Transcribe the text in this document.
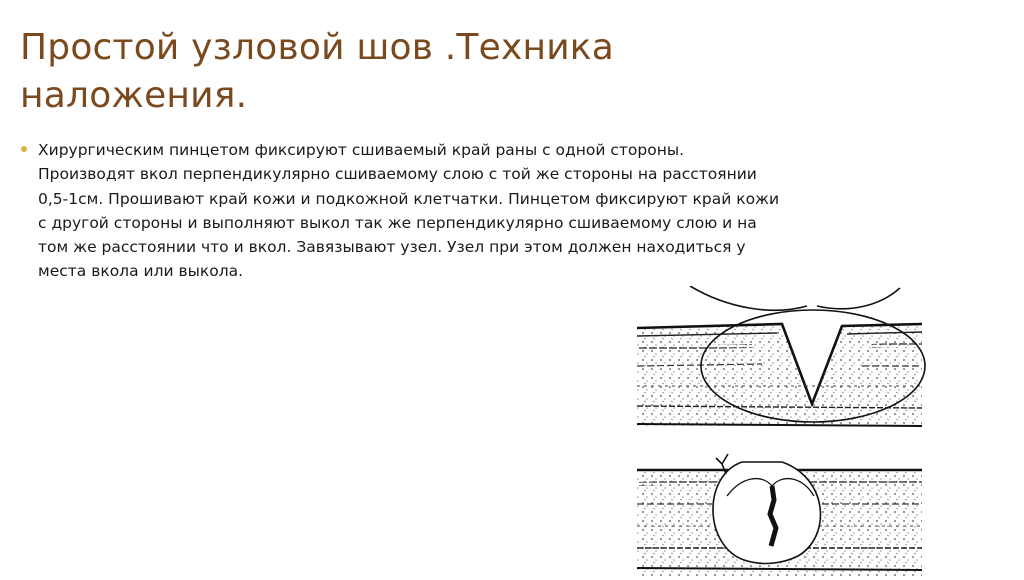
Простой узловой шов .Техника наложения.
Хирургическим пинцетом фиксируют сшиваемый край раны с одной стороны. Производят вкол перпендикулярно сшиваемому слою с той же стороны на расстоянии 0,5-1см. Прошивают край кожи и подкожной клетчатки. Пинцетом фиксируют край кожи с другой стороны и выполняют выкол так же перпендикулярно сшиваемому слою и на том же расстоянии что и вкол. Завязывают узел. Узел при этом должен находиться у места вкола или выкола.
